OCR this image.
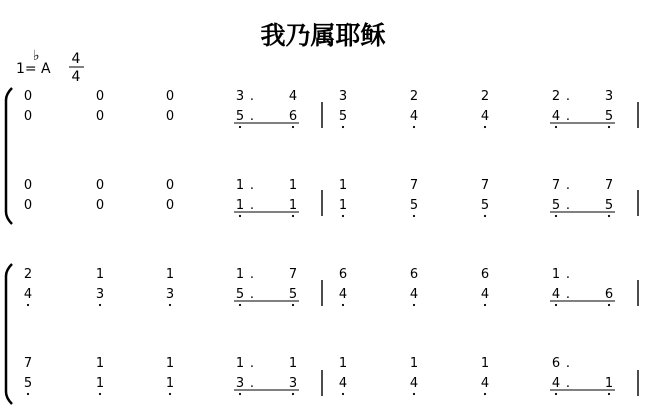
我乃属耶稣
1=
♭
A
4
4
0	0	0	3 .	4	3	2	2	2 .	3
0	0	0	5 .	6	5	4	4	4 .	5
0	0	0	1 .	1	1	7	7	7 .	7
0	0	0	1 .	1	1	5	5	5 .	5
2	1	1	1 .	7	6	6	6	1 .
4	3	3	5 .	5	4	4	4	4 .	6
7	1	1	1 .	1	1	1	1	6 .
5	1	1	3 .	3	4	4	4	4 .	1
